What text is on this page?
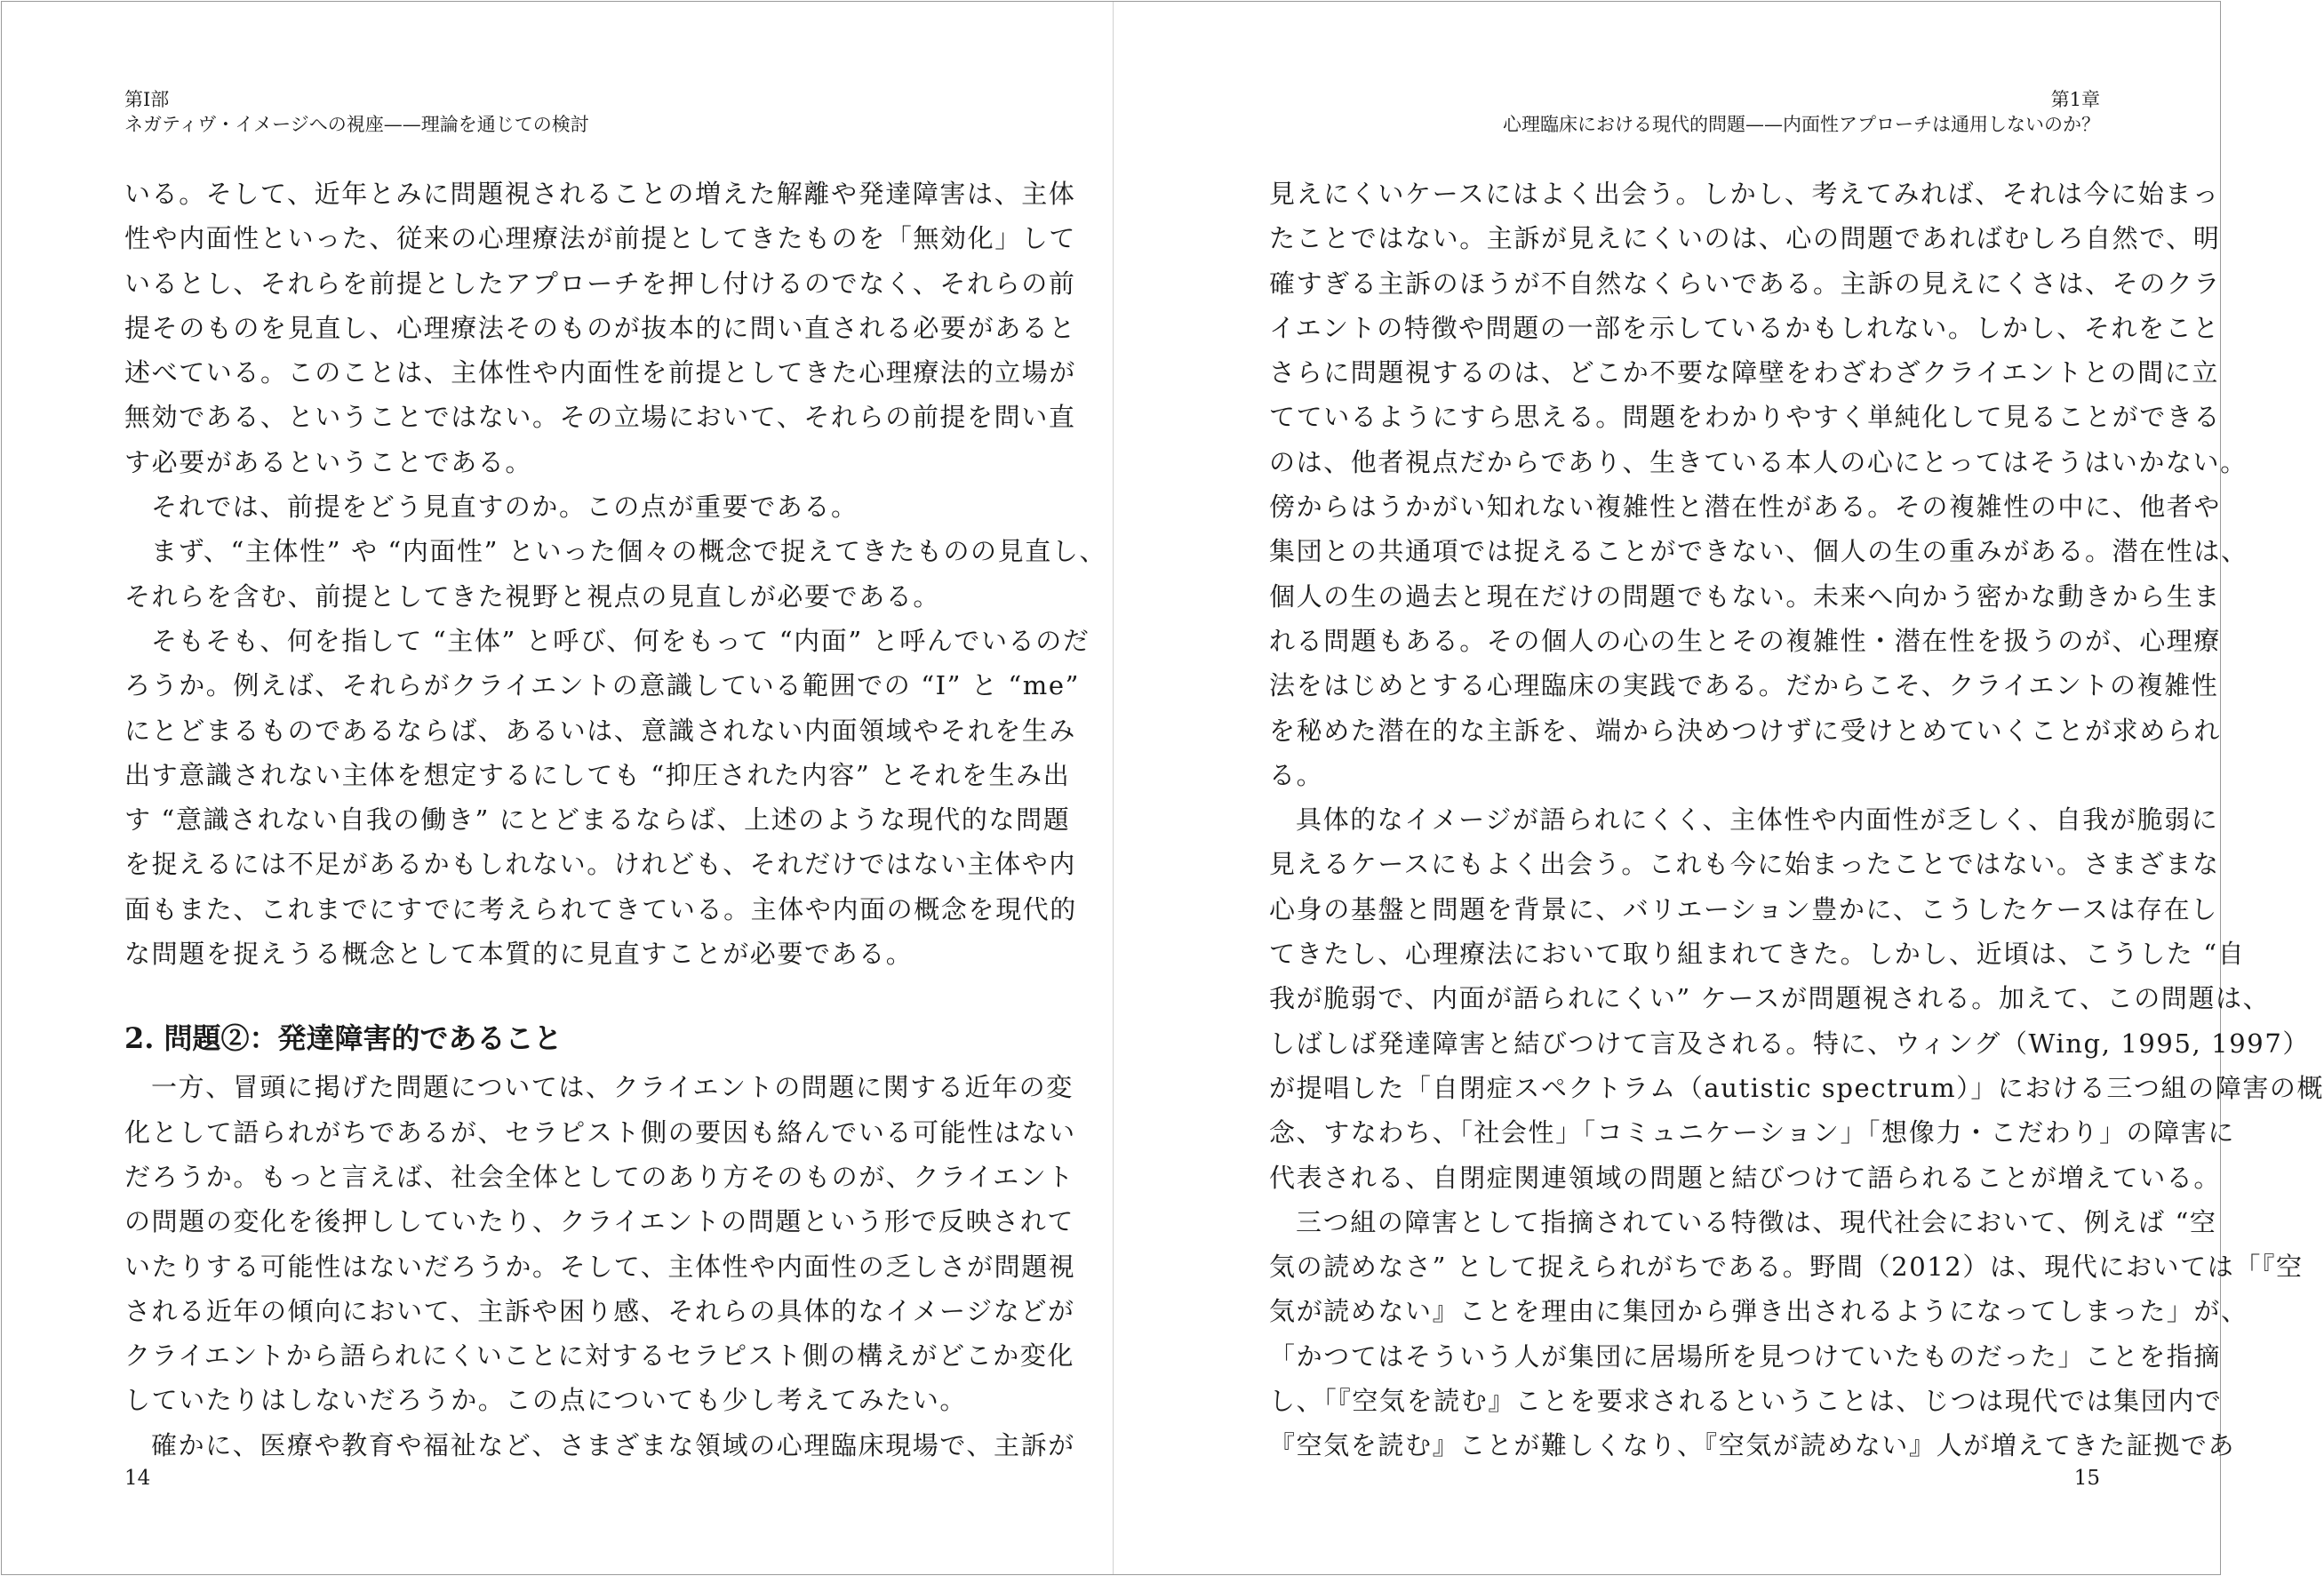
第Ⅰ部
ネガティヴ・イメージへの視座——理論を通じての検討
いる。そして、近年とみに問題視されることの増えた解離や発達障害は、主体
性や内面性といった、従来の心理療法が前提としてきたものを「無効化」して
いるとし、それらを前提としたアプローチを押し付けるのでなく、それらの前
提そのものを見直し、心理療法そのものが抜本的に問い直される必要があると
述べている。このことは、主体性や内面性を前提としてきた心理療法的立場が
無効である、ということではない。その立場において、それらの前提を問い直
す必要があるということである。
それでは、前提をどう見直すのか。この点が重要である。
まず、“主体性” や “内面性” といった個々の概念で捉えてきたものの見直し、
それらを含む、前提としてきた視野と視点の見直しが必要である。
そもそも、何を指して “主体” と呼び、何をもって “内面” と呼んでいるのだ
ろうか。例えば、それらがクライエントの意識している範囲での “I” と “me”
にとどまるものであるならば、あるいは、意識されない内面領域やそれを生み
出す意識されない主体を想定するにしても “抑圧された内容” とそれを生み出
す “意識されない自我の働き” にとどまるならば、上述のような現代的な問題
を捉えるには不足があるかもしれない。けれども、それだけではない主体や内
面もまた、これまでにすでに考えられてきている。主体や内面の概念を現代的
な問題を捉えうる概念として本質的に見直すことが必要である。
2. 問題②：発達障害的であること
一方、冒頭に掲げた問題については、クライエントの問題に関する近年の変
化として語られがちであるが、セラピスト側の要因も絡んでいる可能性はない
だろうか。もっと言えば、社会全体としてのあり方そのものが、クライエント
の問題の変化を後押ししていたり、クライエントの問題という形で反映されて
いたりする可能性はないだろうか。そして、主体性や内面性の乏しさが問題視
される近年の傾向において、主訴や困り感、それらの具体的なイメージなどが
クライエントから語られにくいことに対するセラピスト側の構えがどこか変化
していたりはしないだろうか。この点についても少し考えてみたい。
確かに、医療や教育や福祉など、さまざまな領域の心理臨床現場で、主訴が
14
第1章
心理臨床における現代的問題——内面性アプローチは通用しないのか？
見えにくいケースにはよく出会う。しかし、考えてみれば、それは今に始まっ
たことではない。主訴が見えにくいのは、心の問題であればむしろ自然で、明
確すぎる主訴のほうが不自然なくらいである。主訴の見えにくさは、そのクラ
イエントの特徴や問題の一部を示しているかもしれない。しかし、それをこと
さらに問題視するのは、どこか不要な障壁をわざわざクライエントとの間に立
てているようにすら思える。問題をわかりやすく単純化して見ることができる
のは、他者視点だからであり、生きている本人の心にとってはそうはいかない。
傍からはうかがい知れない複雑性と潜在性がある。その複雑性の中に、他者や
集団との共通項では捉えることができない、個人の生の重みがある。潜在性は、
個人の生の過去と現在だけの問題でもない。未来へ向かう密かな動きから生ま
れる問題もある。その個人の心の生とその複雑性・潜在性を扱うのが、心理療
法をはじめとする心理臨床の実践である。だからこそ、クライエントの複雑性
を秘めた潜在的な主訴を、端から決めつけずに受けとめていくことが求められ
る。
具体的なイメージが語られにくく、主体性や内面性が乏しく、自我が脆弱に
見えるケースにもよく出会う。これも今に始まったことではない。さまざまな
心身の基盤と問題を背景に、バリエーション豊かに、こうしたケースは存在し
てきたし、心理療法において取り組まれてきた。しかし、近頃は、こうした “自
我が脆弱で、内面が語られにくい” ケースが問題視される。加えて、この問題は、
しばしば発達障害と結びつけて言及される。特に、ウィング（Wing, 1995, 1997）
が提唱した「自閉症スペクトラム（autistic spectrum）」における三つ組の障害の概
念、すなわち、「社会性」「コミュニケーション」「想像力・こだわり」の障害に
代表される、自閉症関連領域の問題と結びつけて語られることが増えている。
三つ組の障害として指摘されている特徴は、現代社会において、例えば “空
気の読めなさ” として捉えられがちである。野間（2012）は、現代においては「『空
気が読めない』ことを理由に集団から弾き出されるようになってしまった」が、
「かつてはそういう人が集団に居場所を見つけていたものだった」ことを指摘
し、「『空気を読む』ことを要求されるということは、じつは現代では集団内で
『空気を読む』ことが難しくなり、『空気が読めない』人が増えてきた証拠であ
15
